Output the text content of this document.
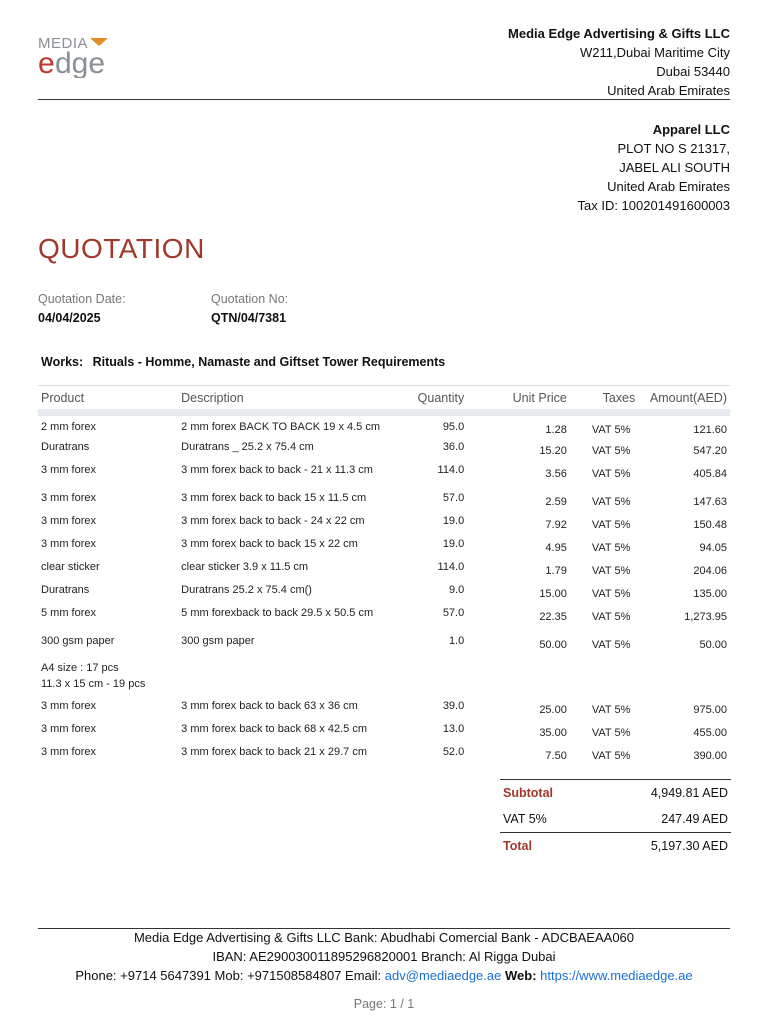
MEDIA
e dge
Media Edge Advertising & Gifts LLC
W211,Dubai Maritime City
Dubai 53440
United Arab Emirates
Apparel LLC
PLOT NO S 21317,
JABEL ALI SOUTH
United Arab Emirates
Tax ID: 100201491600003
QUOTATION
Quotation Date:
04/04/2025
Quotation No:
QTN/04/7381
Works: Rituals - Homme, Namaste and Giftset Tower Requirements
Product	Description	Quantity	Unit Price	Taxes	Amount(AED)
2 mm forex	2 mm forex BACK TO BACK 19 x 4.5 cm	95.0	1.28	VAT 5%	121.60
Duratrans	Duratrans _ 25.2 x 75.4 cm	36.0	15.20	VAT 5%	547.20
3 mm forex	3 mm forex back to back - 21 x 11.3 cm	114.0	3.56	VAT 5%	405.84
3 mm forex	3 mm forex back to back 15 x 11.5 cm	57.0	2.59	VAT 5%	147.63
3 mm forex	3 mm forex back to back - 24 x 22 cm	19.0	7.92	VAT 5%	150.48
3 mm forex	3 mm forex back to back 15 x 22 cm	19.0	4.95	VAT 5%	94.05
clear sticker	clear sticker 3.9 x 11.5 cm	114.0	1.79	VAT 5%	204.06
Duratrans	Duratrans 25.2 x 75.4 cm()	9.0	15.00	VAT 5%	135.00
5 mm forex	5 mm forexback to back 29.5 x 50.5 cm	57.0	22.35	VAT 5%	1,273.95
300 gsm paper	300 gsm paper	1.0	50.00	VAT 5%	50.00

A4 size : 17 pcs
11.3 x 15 cm - 19 pcs					

3 mm forex	3 mm forex back to back 63 x 36 cm	39.0	25.00	VAT 5%	975.00
3 mm forex	3 mm forex back to back 68 x 42.5 cm	13.0	35.00	VAT 5%	455.00
3 mm forex	3 mm forex back to back 21 x 29.7 cm	52.0	7.50	VAT 5%	390.00
Subtotal	4,949.81 AED
VAT 5%	247.49 AED
Total	5,197.30 AED
Media Edge Advertising & Gifts LLC Bank: Abudhabi Comercial Bank - ADCBAEAA060
IBAN: AE290030011895296820001 Branch: Al Rigga Dubai
Phone: +9714 5647391 Mob: +971508584807 Email: adv@mediaedge.ae Web: https://www.mediaedge.ae
Page: 1 / 1
